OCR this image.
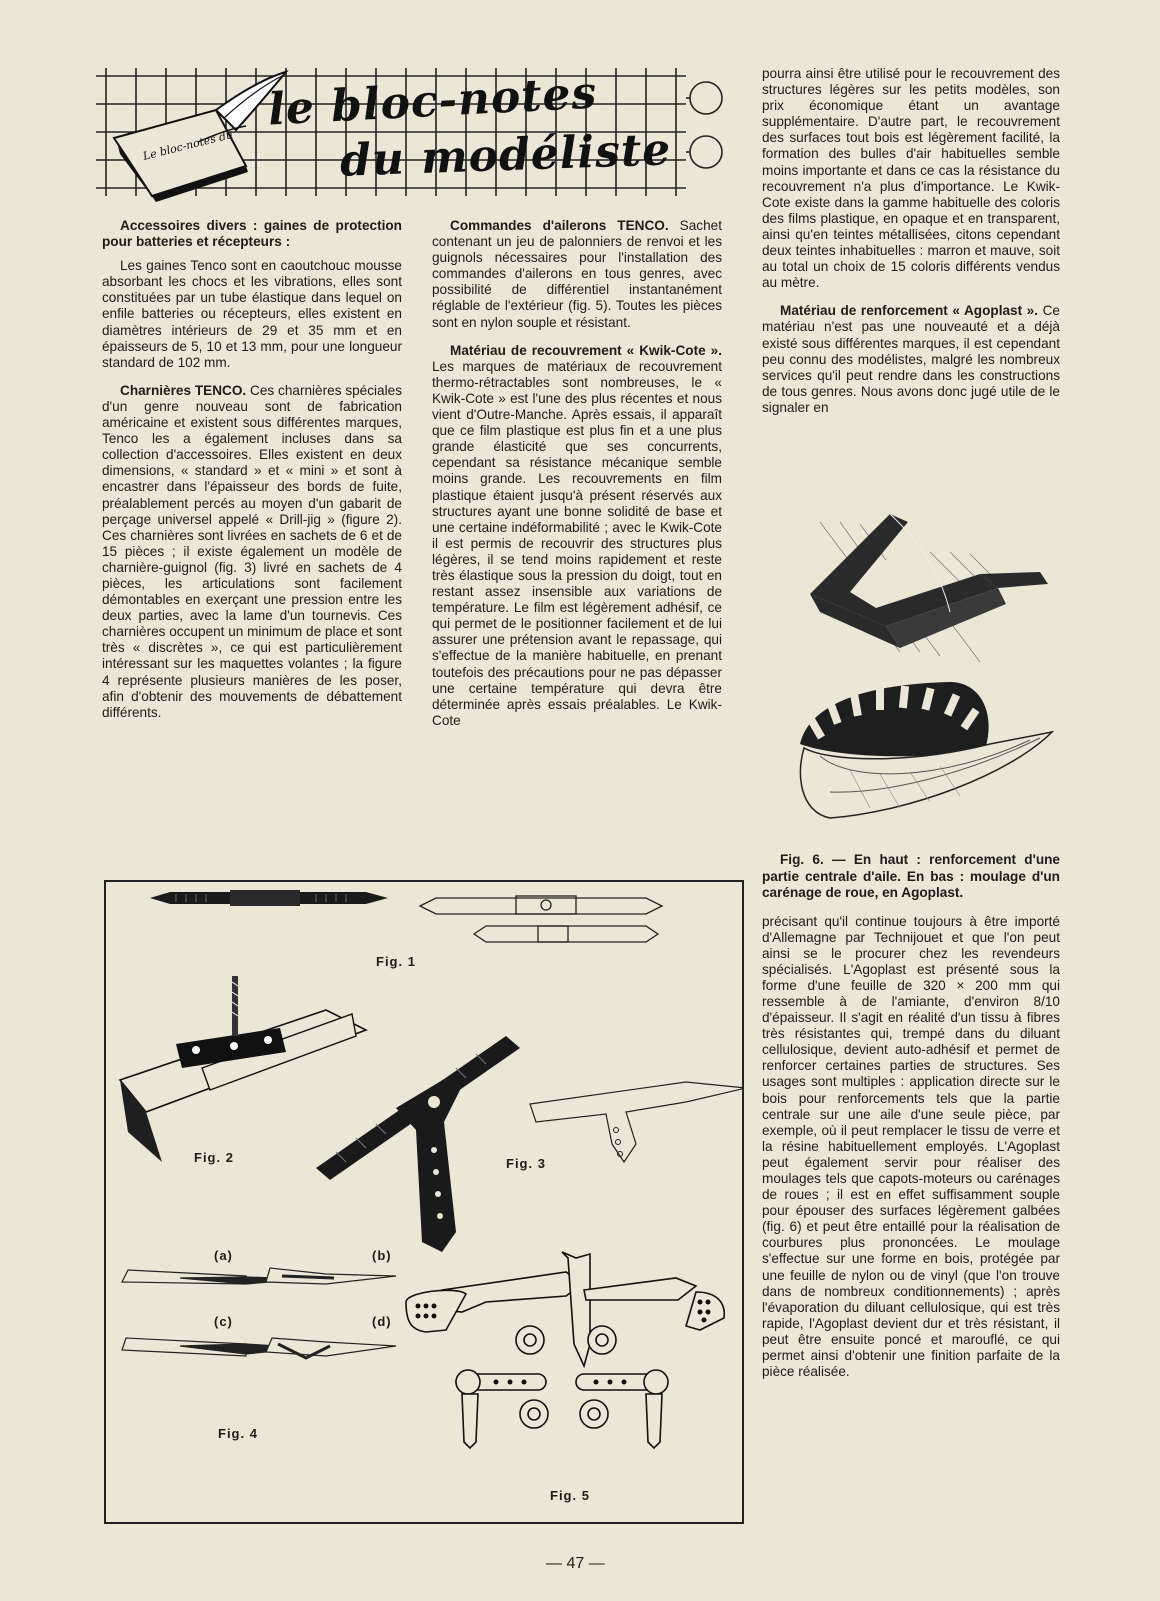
Le bloc-notes du
le bloc-notes
du modéliste

Accessoires divers : gaines de protection pour batteries et récepteurs :

Les gaines Tenco sont en caoutchouc mousse absorbant les chocs et les vibrations, elles sont constituées par un tube élastique dans lequel on enfile batteries ou récepteurs, elles existent en diamètres intérieurs de 29 et 35 mm et en épaisseurs de 5, 10 et 13 mm, pour une longueur standard de 102 mm.

Charnières TENCO. Ces charnières spéciales d'un genre nouveau sont de fabrication américaine et existent sous différentes marques, Tenco les a également incluses dans sa collection d'accessoires. Elles existent en deux dimensions, « standard » et « mini » et sont à encastrer dans l'épaisseur des bords de fuite, préalablement percés au moyen d'un gabarit de perçage universel appelé « Drill-jig » (figure 2). Ces charnières sont livrées en sachets de 6 et de 15 pièces ; il existe également un modèle de charnière-guignol (fig. 3) livré en sachets de 4 pièces, les articulations sont facilement démontables en exerçant une pression entre les deux parties, avec la lame d'un tournevis. Ces charnières occupent un minimum de place et sont très « discrètes », ce qui est particulièrement intéressant sur les maquettes volantes ; la figure 4 représente plusieurs manières de les poser, afin d'obtenir des mouvements de débattement différents.

Commandes d'ailerons TENCO. Sachet contenant un jeu de palonniers de renvoi et les guignols nécessaires pour l'installation des commandes d'ailerons en tous genres, avec possibilité de différentiel instantanément réglable de l'extérieur (fig. 5). Toutes les pièces sont en nylon souple et résistant.

Matériau de recouvrement « Kwik-Cote ». Les marques de matériaux de recouvrement thermo-rétractables sont nombreuses, le « Kwik-Cote » est l'une des plus récentes et nous vient d'Outre-Manche. Après essais, il apparaît que ce film plastique est plus fin et a une plus grande élasticité que ses concurrents, cependant sa résistance mécanique semble moins grande. Les recouvrements en film plastique étaient jusqu'à présent réservés aux structures ayant une bonne solidité de base et une certaine indéformabilité ; avec le Kwik-Cote il est permis de recouvrir des structures plus légères, il se tend moins rapidement et reste très élastique sous la pression du doigt, tout en restant assez insensible aux variations de température. Le film est légèrement adhésif, ce qui permet de le positionner facilement et de lui assurer une prétension avant le repassage, qui s'effectue de la manière habituelle, en prenant toutefois des précautions pour ne pas dépasser une certaine température qui devra être déterminée après essais préalables. Le Kwik-Cote

pourra ainsi être utilisé pour le recouvrement des structures légères sur les petits modèles, son prix économique étant un avantage supplémentaire. D'autre part, le recouvrement des surfaces tout bois est légèrement facilité, la formation des bulles d'air habituelles semble moins importante et dans ce cas la résistance du recouvrement n'a plus d'importance. Le Kwik-Cote existe dans la gamme habituelle des coloris des films plastique, en opaque et en transparent, ainsi qu'en teintes métallisées, citons cependant deux teintes inhabituelles : marron et mauve, soit au total un choix de 15 coloris différents vendus au mètre.

Matériau de renforcement « Agoplast ». Ce matériau n'est pas une nouveauté et a déjà existé sous différentes marques, il est cependant peu connu des modélistes, malgré les nombreux services qu'il peut rendre dans les constructions de tous genres. Nous avons donc jugé utile de le signaler en

Fig. 6. — En haut : renforcement d'une partie centrale d'aile. En bas : moulage d'un carénage de roue, en Agoplast.

précisant qu'il continue toujours à être importé d'Allemagne par Technijouet et que l'on peut ainsi se le procurer chez les revendeurs spécialisés. L'Agoplast est présenté sous la forme d'une feuille de 320 × 200 mm qui ressemble à de l'amiante, d'environ 8/10 d'épaisseur. Il s'agit en réalité d'un tissu à fibres très résistantes qui, trempé dans du diluant cellulosique, devient auto-adhésif et permet de renforcer certaines parties de structures. Ses usages sont multiples : application directe sur le bois pour renforcements tels que la partie centrale sur une aile d'une seule pièce, par exemple, où il peut remplacer le tissu de verre et la résine habituellement employés. L'Agoplast peut également servir pour réaliser des moulages tels que capots-moteurs ou carénages de roues ; il est en effet suffisamment souple pour épouser des surfaces légèrement galbées (fig. 6) et peut être entaillé pour la réalisation de courbures plus prononcées. Le moulage s'effectue sur une forme en bois, protégée par une feuille de nylon ou de vinyl (que l'on trouve dans de nombreux conditionnements) ; après l'évaporation du diluant cellulosique, qui est très rapide, l'Agoplast devient dur et très résistant, il peut être ensuite poncé et marouflé, ce qui permet ainsi d'obtenir une finition parfaite de la pièce réalisée.

Fig. 1
Fig. 2	Fig. 3
(a)	(b)
(c)	(d)
Fig. 4
Fig. 5
— 47 —
